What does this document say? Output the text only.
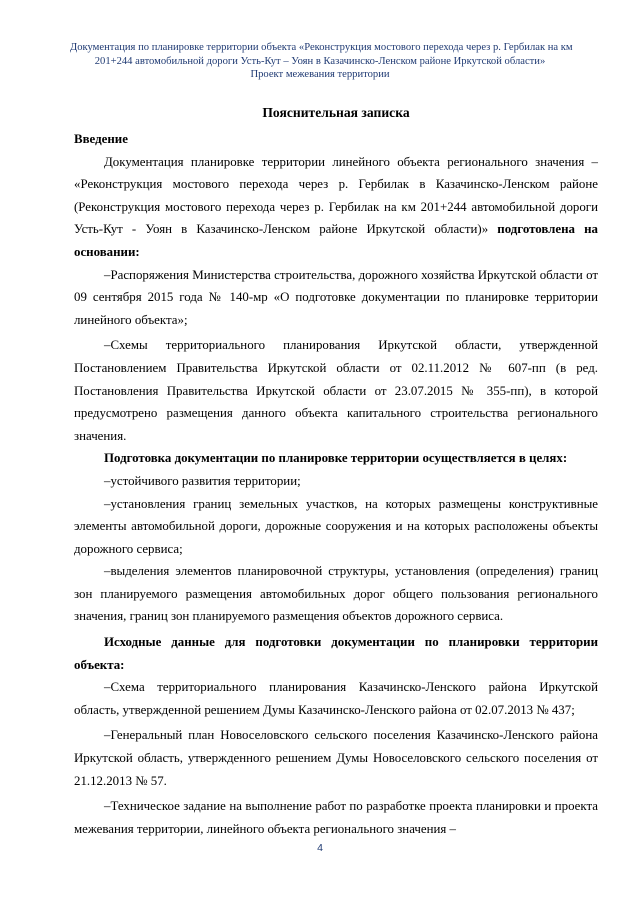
Документация по планировке территории объекта «Реконструкция мостового перехода через р. Гербилак на км
201+244 автомобильной дороги Усть-Кут – Уоян в Казачинско-Ленском районе Иркутской области»
Проект межевания территории
Пояснительная записка

Введение

Документация планировке территории линейного объекта регионального значения – «Реконструкция мостового перехода через р. Гербилак в Казачинско-Ленском районе (Реконструкция мостового перехода через р. Гербилак на км 201+244 автомобильной дороги Усть-Кут - Уоян в Казачинско-Ленском районе Иркутской области)» подготовлена на основании:

–Распоряжения Министерства строительства, дорожного хозяйства Иркутской области от 09 сентября 2015 года № 140-мр «О подготовке документации по планировке территории линейного объекта»;

–Схемы территориального планирования Иркутской области, утвержденной Постановлением Правительства Иркутской области от 02.11.2012 № 607-пп (в ред. Постановления Правительства Иркутской области от 23.07.2015 № 355-пп), в которой предусмотрено размещения данного объекта капитального строительства регионального значения.

Подготовка документации по планировке территории осуществляется в целях:

–устойчивого развития территории;

–установления границ земельных участков, на которых размещены конструктивные элементы автомобильной дороги, дорожные сооружения и на которых расположены объекты дорожного сервиса;

–выделения элементов планировочной структуры, установления (определения) границ зон планируемого размещения автомобильных дорог общего пользования регионального значения, границ зон планируемого размещения объектов дорожного сервиса.

Исходные данные для подготовки документации по планировки территории объекта:

–Схема территориального планирования Казачинско-Ленского района Иркутской область, утвержденной решением Думы Казачинско-Ленского района от 02.07.2013 № 437;

–Генеральный план Новоселовского сельского поселения Казачинско-Ленского района Иркутской область, утвержденного решением Думы Новоселовского сельского поселения от 21.12.2013 № 57.

–Техническое задание на выполнение работ по разработке проекта планировки и проекта межевания территории, линейного объекта регионального значения –

4
